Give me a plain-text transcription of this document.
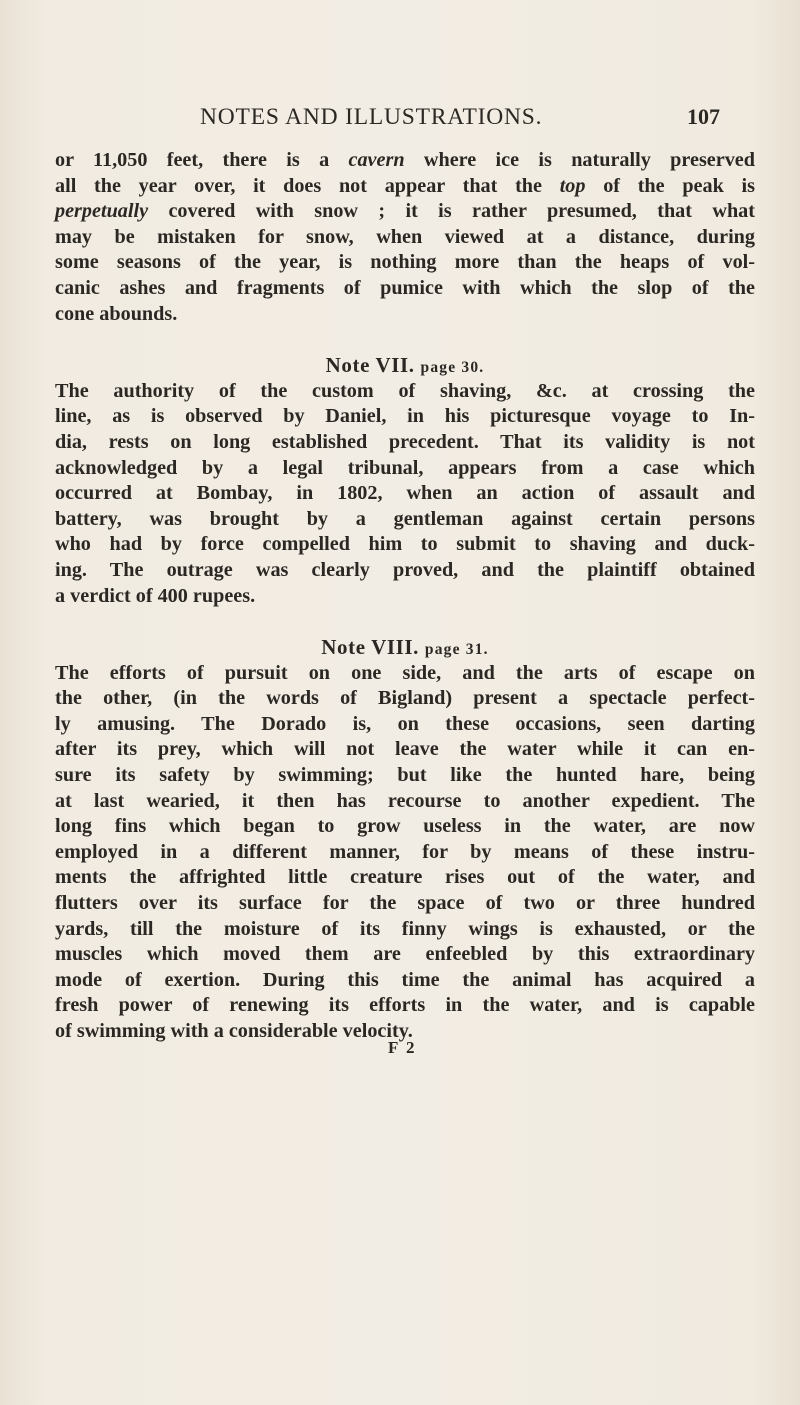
NOTES AND ILLUSTRATIONS.	107
or 11,050 feet, there is a cavern where ice is naturally preserved
all the year over, it does not appear that the top of the peak is
perpetually covered with snow ; it is rather presumed, that what
may be mistaken for snow, when viewed at a distance, during
some seasons of the year, is nothing more than the heaps of vol-
canic ashes and fragments of pumice with which the slop of the
cone abounds.
Note VII. page 30.
The authority of the custom of shaving, &c. at crossing the
line, as is observed by Daniel, in his picturesque voyage to In-
dia, rests on long established precedent. That its validity is not
acknowledged by a legal tribunal, appears from a case which
occurred at Bombay, in 1802, when an action of assault and
battery, was brought by a gentleman against certain persons
who had by force compelled him to submit to shaving and duck-
ing. The outrage was clearly proved, and the plaintiff obtained
a verdict of 400 rupees.
Note VIII. page 31.
The efforts of pursuit on one side, and the arts of escape on
the other, (in the words of Bigland) present a spectacle perfect-
ly amusing. The Dorado is, on these occasions, seen darting
after its prey, which will not leave the water while it can en-
sure its safety by swimming; but like the hunted hare, being
at last wearied, it then has recourse to another expedient. The
long fins which began to grow useless in the water, are now
employed in a different manner, for by means of these instru-
ments the affrighted little creature rises out of the water, and
flutters over its surface for the space of two or three hundred
yards, till the moisture of its finny wings is exhausted, or the
muscles which moved them are enfeebled by this extraordinary
mode of exertion. During this time the animal has acquired a
fresh power of renewing its efforts in the water, and is capable
of swimming with a considerable velocity.
F 2
